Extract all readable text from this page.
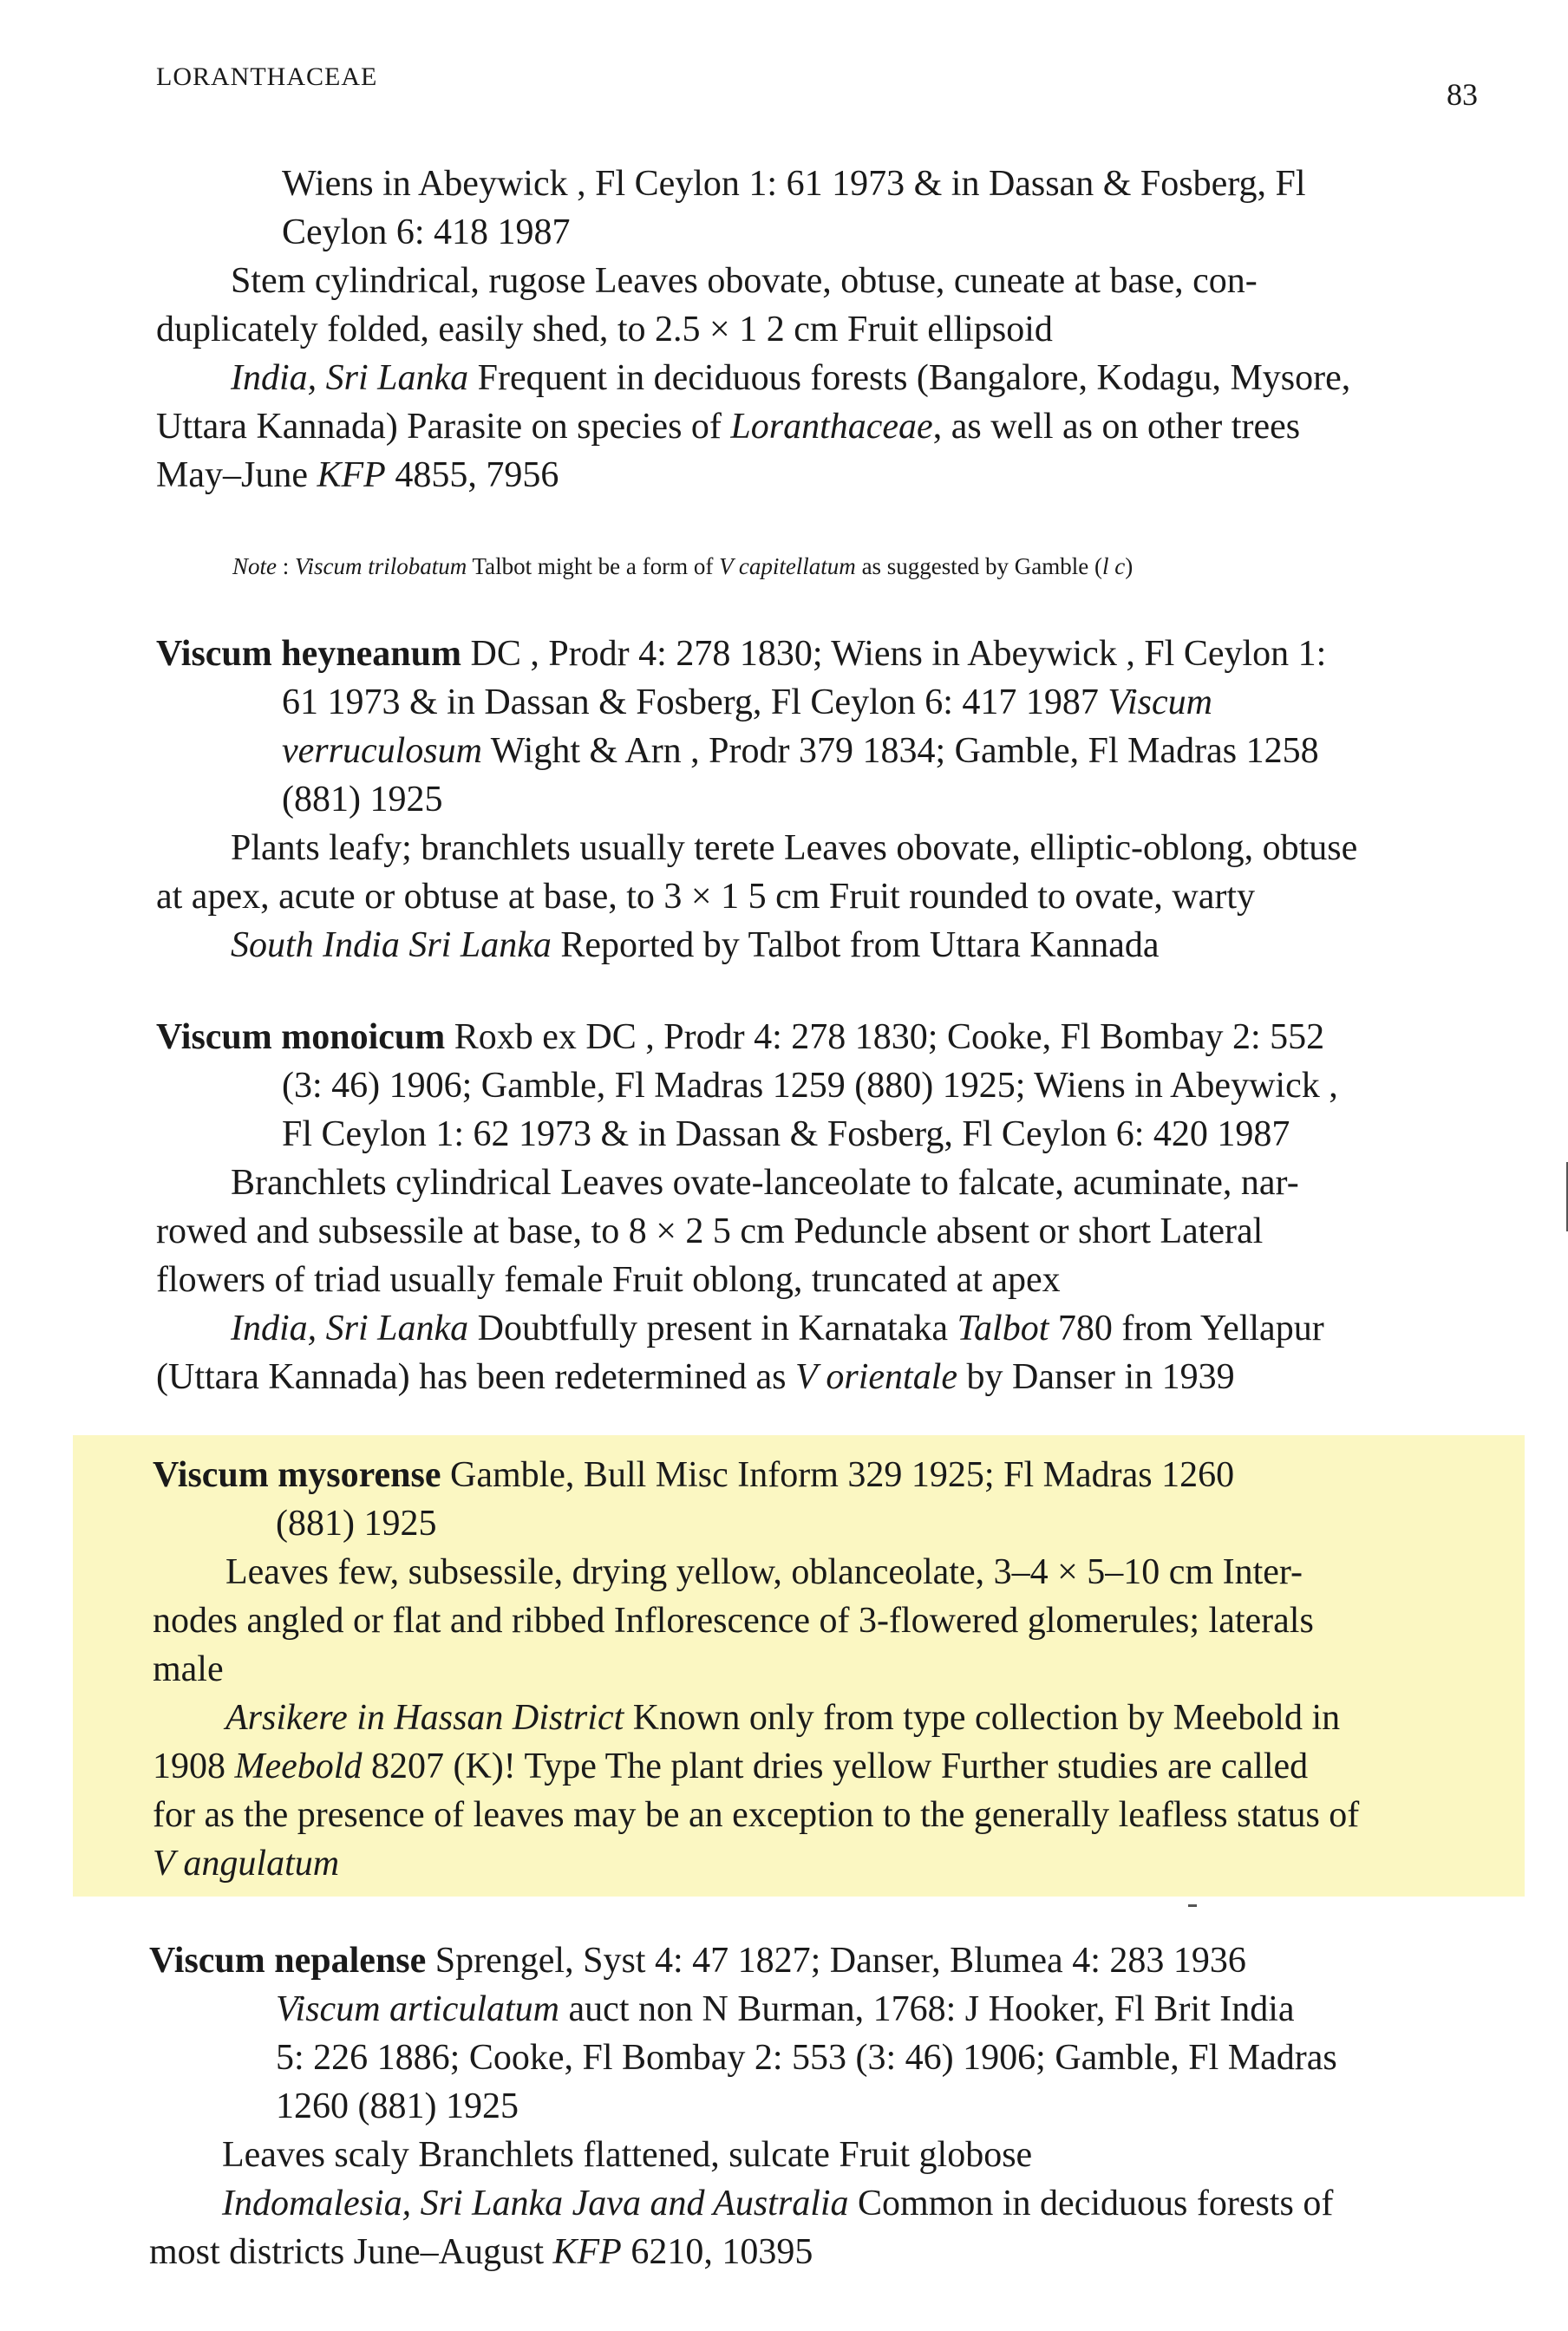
LORANTHACEAE
83
Wiens in Abeywick , Fl Ceylon 1: 61 1973 & in Dassan & Fosberg, Fl
Ceylon 6: 418 1987
Stem cylindrical, rugose Leaves obovate, obtuse, cuneate at base, con-
duplicately folded, easily shed, to 2.5 × 1 2 cm Fruit ellipsoid
India, Sri Lanka Frequent in deciduous forests (Bangalore, Kodagu, Mysore,
Uttara Kannada) Parasite on species of Loranthaceae, as well as on other trees
May–June KFP 4855, 7956
Note : Viscum trilobatum Talbot might be a form of V capitellatum as suggested by Gamble (l c)
Viscum heyneanum DC , Prodr 4: 278 1830; Wiens in Abeywick , Fl Ceylon 1:
61 1973 & in Dassan & Fosberg, Fl Ceylon 6: 417 1987 Viscum
verruculosum Wight & Arn , Prodr 379 1834; Gamble, Fl Madras 1258
(881) 1925
Plants leafy; branchlets usually terete Leaves obovate, elliptic-oblong, obtuse
at apex, acute or obtuse at base, to 3 × 1 5 cm Fruit rounded to ovate, warty
South India Sri Lanka Reported by Talbot from Uttara Kannada
Viscum monoicum Roxb ex DC , Prodr 4: 278 1830; Cooke, Fl Bombay 2: 552
(3: 46) 1906; Gamble, Fl Madras 1259 (880) 1925; Wiens in Abeywick ,
Fl Ceylon 1: 62 1973 & in Dassan & Fosberg, Fl Ceylon 6: 420 1987
Branchlets cylindrical Leaves ovate-lanceolate to falcate, acuminate, nar-
rowed and subsessile at base, to 8 × 2 5 cm Peduncle absent or short Lateral
flowers of triad usually female Fruit oblong, truncated at apex
India, Sri Lanka Doubtfully present in Karnataka Talbot 780 from Yellapur
(Uttara Kannada) has been redetermined as V orientale by Danser in 1939
Viscum mysorense Gamble, Bull Misc Inform 329 1925; Fl Madras 1260
(881) 1925
Leaves few, subsessile, drying yellow, oblanceolate, 3–4 × 5–10 cm Inter-
nodes angled or flat and ribbed Inflorescence of 3-flowered glomerules; laterals
male
Arsikere in Hassan District Known only from type collection by Meebold in
1908 Meebold 8207 (K)! Type The plant dries yellow Further studies are called
for as the presence of leaves may be an exception to the generally leafless status of
V angulatum
Viscum nepalense Sprengel, Syst 4: 47 1827; Danser, Blumea 4: 283 1936
Viscum articulatum auct non N Burman, 1768: J Hooker, Fl Brit India
5: 226 1886; Cooke, Fl Bombay 2: 553 (3: 46) 1906; Gamble, Fl Madras
1260 (881) 1925
Leaves scaly Branchlets flattened, sulcate Fruit globose
Indomalesia, Sri Lanka Java and Australia Common in deciduous forests of
most districts June–August KFP 6210, 10395
